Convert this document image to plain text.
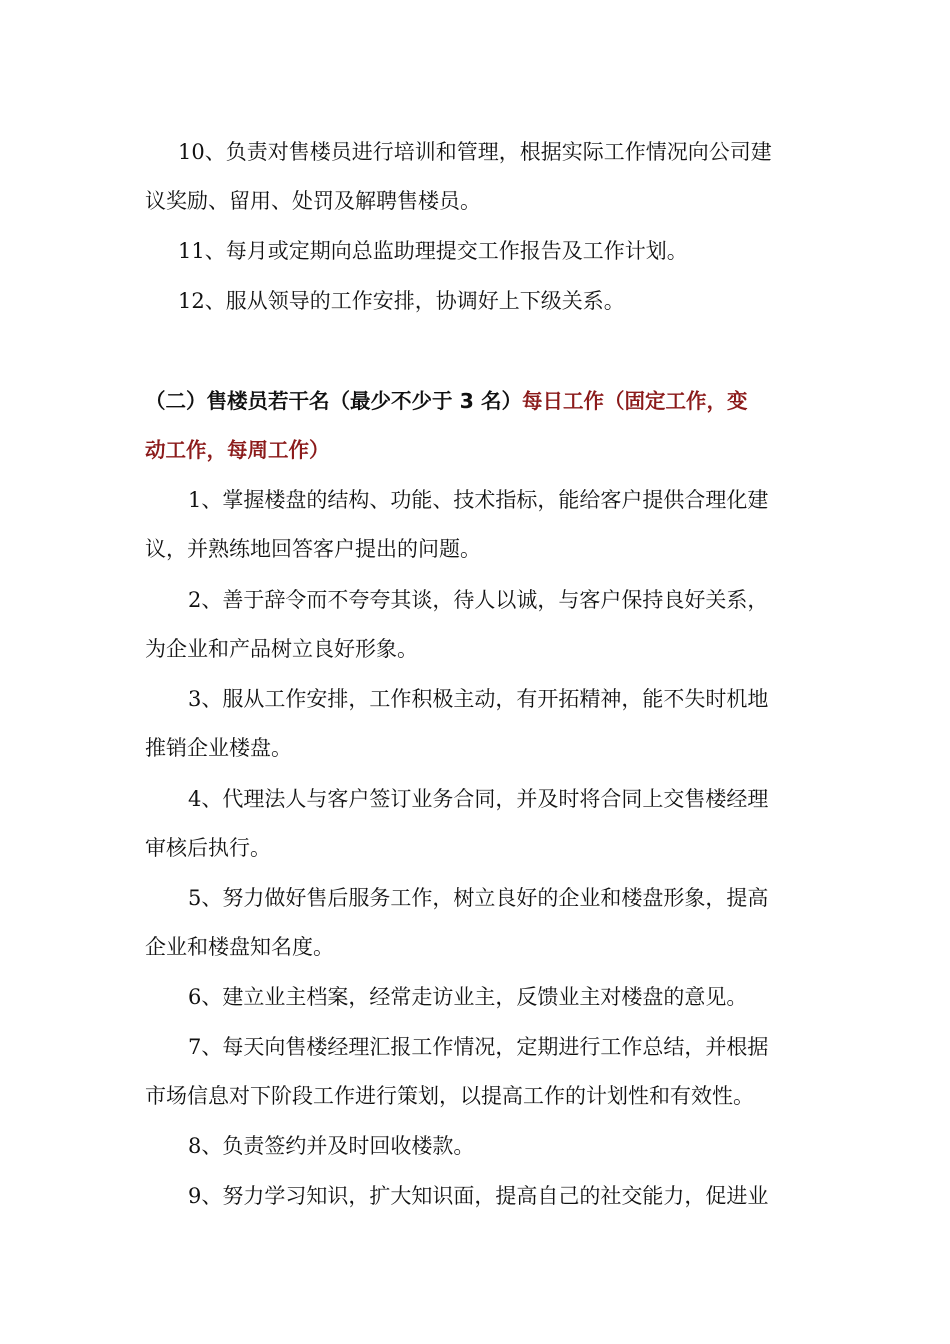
10、负责对售楼员进行培训和管理，根据实际工作情况向公司建
议奖励、留用、处罚及解聘售楼员。
11、每月或定期向总监助理提交工作报告及工作计划。
12、服从领导的工作安排，协调好上下级关系。
（二）售楼员若干名（最少不少于 3 名）每日工作（固定工作，变
动工作，每周工作）
1、掌握楼盘的结构、功能、技术指标，能给客户提供合理化建
议，并熟练地回答客户提出的问题。
2、善于辞令而不夸夸其谈，待人以诚，与客户保持良好关系，
为企业和产品树立良好形象。
3、服从工作安排，工作积极主动，有开拓精神，能不失时机地
推销企业楼盘。
4、代理法人与客户签订业务合同，并及时将合同上交售楼经理
审核后执行。
5、努力做好售后服务工作，树立良好的企业和楼盘形象，提高
企业和楼盘知名度。
6、建立业主档案，经常走访业主，反馈业主对楼盘的意见。
7、每天向售楼经理汇报工作情况，定期进行工作总结，并根据
市场信息对下阶段工作进行策划，以提高工作的计划性和有效性。
8、负责签约并及时回收楼款。
9、努力学习知识，扩大知识面，提高自己的社交能力，促进业
